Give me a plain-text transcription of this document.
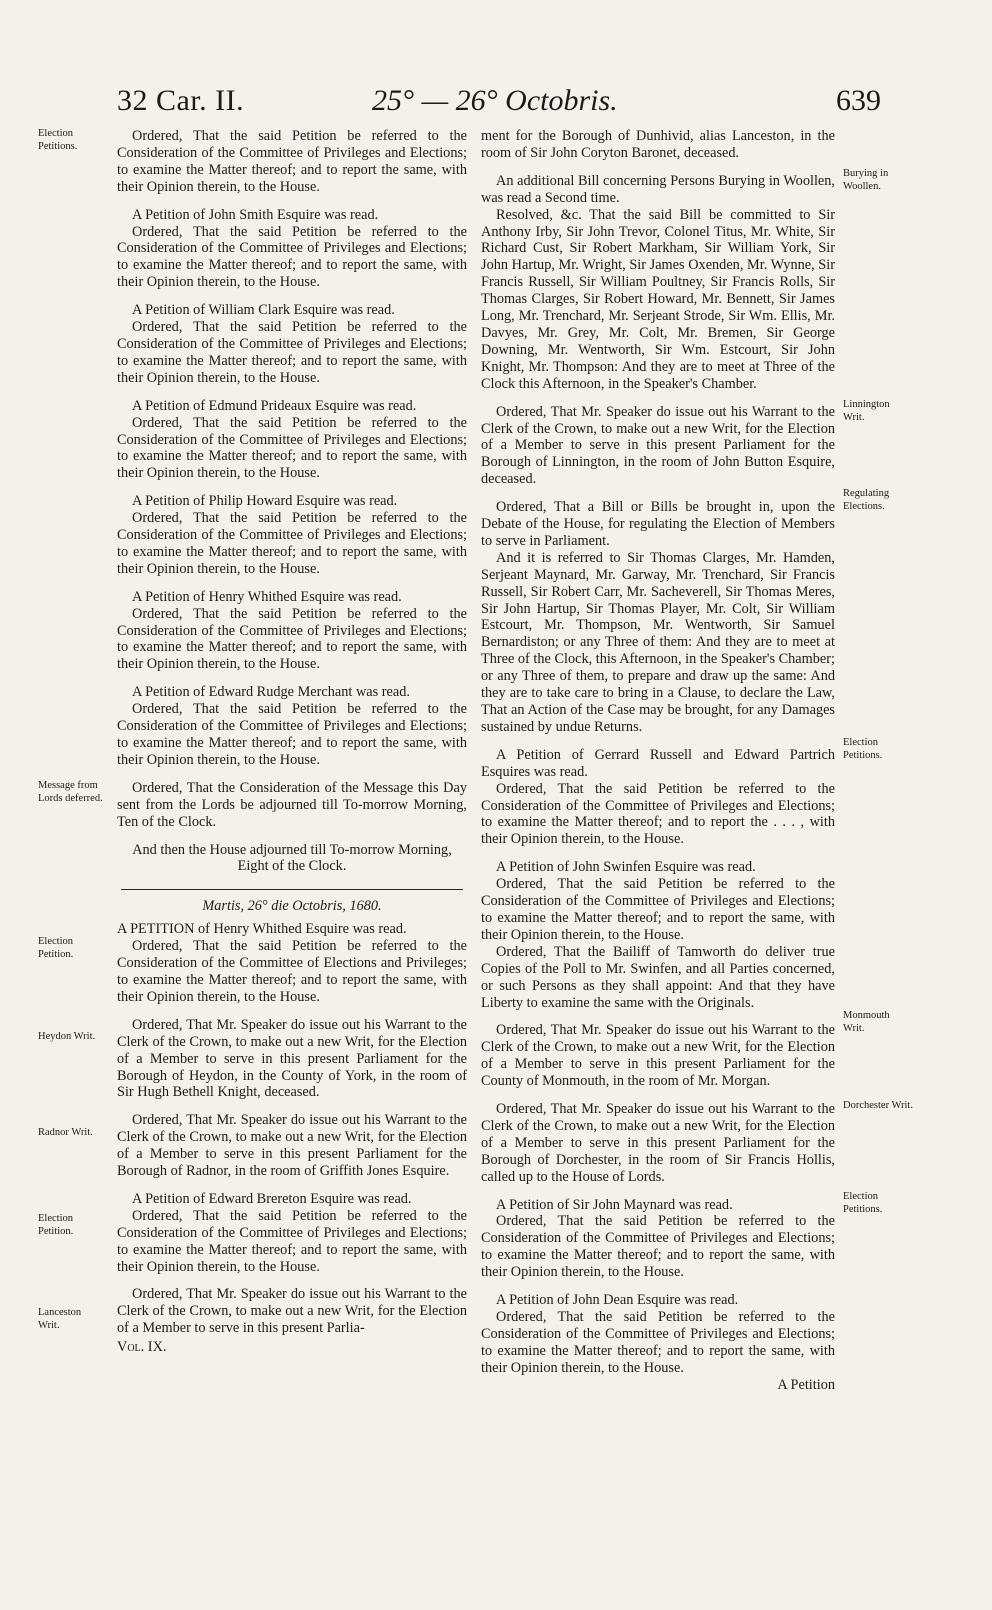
32 Car. II.	25° — 26° Octobris.	639
Election Petitions.
Message from Lords deferred.
Election Petition.
Heydon Writ.
Radnor Writ.
Election Petition.
Lanceston Writ.
Burying in Woollen.
Linnington Writ.
Regulating Elections.
Election Petitions.
Monmouth Writ.
Dorchester Writ.
Election Petitions.

Ordered, That the said Petition be referred to the Consideration of the Committee of Privileges and Elections; to examine the Matter thereof; and to report the same, with their Opinion therein, to the House.

A Petition of John Smith Esquire was read.

Ordered, That the said Petition be referred to the Consideration of the Committee of Privileges and Elections; to examine the Matter thereof; and to report the same, with their Opinion therein, to the House.

A Petition of William Clark Esquire was read.

Ordered, That the said Petition be referred to the Consideration of the Committee of Privileges and Elections; to examine the Matter thereof; and to report the same, with their Opinion therein, to the House.

A Petition of Edmund Prideaux Esquire was read.

Ordered, That the said Petition be referred to the Consideration of the Committee of Privileges and Elections; to examine the Matter thereof; and to report the same, with their Opinion therein, to the House.

A Petition of Philip Howard Esquire was read.

Ordered, That the said Petition be referred to the Consideration of the Committee of Privileges and Elections; to examine the Matter thereof; and to report the same, with their Opinion therein, to the House.

A Petition of Henry Whithed Esquire was read.

Ordered, That the said Petition be referred to the Consideration of the Committee of Privileges and Elections; to examine the Matter thereof; and to report the same, with their Opinion therein, to the House.

A Petition of Edward Rudge Merchant was read.

Ordered, That the said Petition be referred to the Consideration of the Committee of Privileges and Elections; to examine the Matter thereof; and to report the same, with their Opinion therein, to the House.

Ordered, That the Consideration of the Message this Day sent from the Lords be adjourned till To-morrow Morning, Ten of the Clock.

And then the House adjourned till To-morrow Morning, Eight of the Clock.

Martis, 26° die Octobris, 1680.

A PETITION of Henry Whithed Esquire was read.

Ordered, That the said Petition be referred to the Consideration of the Committee of Elections and Privileges; to examine the Matter thereof; and to report the same, with their Opinion therein, to the House.

Ordered, That Mr. Speaker do issue out his Warrant to the Clerk of the Crown, to make out a new Writ, for the Election of a Member to serve in this present Parliament for the Borough of Heydon, in the County of York, in the room of Sir Hugh Bethell Knight, deceased.

Ordered, That Mr. Speaker do issue out his Warrant to the Clerk of the Crown, to make out a new Writ, for the Election of a Member to serve in this present Parliament for the Borough of Radnor, in the room of Griffith Jones Esquire.

A Petition of Edward Brereton Esquire was read.

Ordered, That the said Petition be referred to the Consideration of the Committee of Privileges and Elections; to examine the Matter thereof; and to report the same, with their Opinion therein, to the House.

Ordered, That Mr. Speaker do issue out his Warrant to the Clerk of the Crown, to make out a new Writ, for the Election of a Member to serve in this present Parlia-

Vol. IX.

ment for the Borough of Dunhivid, alias Lanceston, in the room of Sir John Coryton Baronet, deceased.

An additional Bill concerning Persons Burying in Woollen, was read a Second time.

Resolved, &c. That the said Bill be committed to Sir Anthony Irby, Sir John Trevor, Colonel Titus, Mr. White, Sir Richard Cust, Sir Robert Markham, Sir William York, Sir John Hartup, Mr. Wright, Sir James Oxenden, Mr. Wynne, Sir Francis Russell, Sir William Poultney, Sir Francis Rolls, Sir Thomas Clarges, Sir Robert Howard, Mr. Bennett, Sir James Long, Mr. Trenchard, Mr. Serjeant Strode, Sir Wm. Ellis, Mr. Davyes, Mr. Grey, Mr. Colt, Mr. Bremen, Sir George Downing, Mr. Wentworth, Sir Wm. Estcourt, Sir John Knight, Mr. Thompson: And they are to meet at Three of the Clock this Afternoon, in the Speaker's Chamber.

Ordered, That Mr. Speaker do issue out his Warrant to the Clerk of the Crown, to make out a new Writ, for the Election of a Member to serve in this present Parliament for the Borough of Linnington, in the room of John Button Esquire, deceased.

Ordered, That a Bill or Bills be brought in, upon the Debate of the House, for regulating the Election of Members to serve in Parliament.

And it is referred to Sir Thomas Clarges, Mr. Hamden, Serjeant Maynard, Mr. Garway, Mr. Trenchard, Sir Francis Russell, Sir Robert Carr, Mr. Sacheverell, Sir Thomas Meres, Sir John Hartup, Sir Thomas Player, Mr. Colt, Sir William Estcourt, Mr. Thompson, Mr. Wentworth, Sir Samuel Bernardiston; or any Three of them: And they are to meet at Three of the Clock, this Afternoon, in the Speaker's Chamber; or any Three of them, to prepare and draw up the same: And they are to take care to bring in a Clause, to declare the Law, That an Action of the Case may be brought, for any Damages sustained by undue Returns.

A Petition of Gerrard Russell and Edward Partrich Esquires was read.

Ordered, That the said Petition be referred to the Consideration of the Committee of Privileges and Elections; to examine the Matter thereof; and to report the . . . , with their Opinion therein, to the House.

A Petition of John Swinfen Esquire was read.

Ordered, That the said Petition be referred to the Consideration of the Committee of Privileges and Elections; to examine the Matter thereof; and to report the same, with their Opinion therein, to the House.

Ordered, That the Bailiff of Tamworth do deliver true Copies of the Poll to Mr. Swinfen, and all Parties concerned, or such Persons as they shall appoint: And that they have Liberty to examine the same with the Originals.

Ordered, That Mr. Speaker do issue out his Warrant to the Clerk of the Crown, to make out a new Writ, for the Election of a Member to serve in this present Parliament for the County of Monmouth, in the room of Mr. Morgan.

Ordered, That Mr. Speaker do issue out his Warrant to the Clerk of the Crown, to make out a new Writ, for the Election of a Member to serve in this present Parliament for the Borough of Dorchester, in the room of Sir Francis Hollis, called up to the House of Lords.

A Petition of Sir John Maynard was read.

Ordered, That the said Petition be referred to the Consideration of the Committee of Privileges and Elections; to examine the Matter thereof; and to report the same, with their Opinion therein, to the House.

A Petition of John Dean Esquire was read.

Ordered, That the said Petition be referred to the Consideration of the Committee of Privileges and Elections; to examine the Matter thereof; and to report the same, with their Opinion therein, to the House.

A Petition
